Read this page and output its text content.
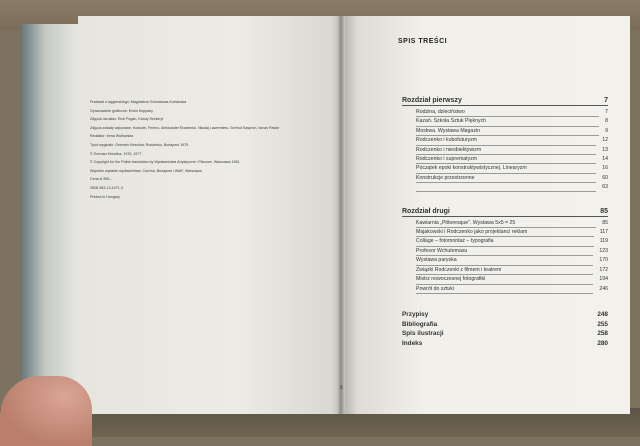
Przekład z węgierskiego: Magdalena Ochwatowa-Kurlakowa

Opracowanie graficzne: Erwin Koppány

Zdjęcia Jaroslav: Emil Pogan, Károly Szekeryi

Zdjęcia zostały wykonane: Kossuth, Ferenc, Aleksander Rodzenko, Nikolaj Lawrentiew, Gertrud Kaspron, Istvan Pastor

Redaktor: Irena Wolfowska

Tytuł oryginału: Germain Krisztina: Rodzenko, Budapest 1975

© German Krisztina, 1970, 1977

© Copyright for the Polish translation by Wydawnictwa Artystyczne i Filmowe, Warszawa 1981

Wspólne wydanie wydawnictwa: Corvina, Budapest i WAiF, Warszawa

Cena zł 390,-

ISBN 963-13-1071-3

Printed in Hungary

SPIS TREŚCI
Rozdział pierwszy	7
Rodzina, dzieciństwo	7
Kazań. Szkoła Sztuk Pięknych	8
Moskwa. Wystawa Magazin	9
Rodczenko i kubofuturyzm	12
Rodczenko i nieobiektywizm	13
Rodczenko i suprematyzm	14
Początek epoki konstruktywistycznej. Linearyzm	16
Konstrukcje przestrzenne	60
63
Rozdział drugi	85
Kawiarnia „Pittoresque”. Wystawa 5x5 = 25	85
Majakowski i Rodczenko jako projektanci reklam	117
Collage – fotomontaż – typografia	119
Profesor Wchutemasu	123
Wystawa paryska	170
Związki Rodczenki z filmem i teatrem	172
Mistrz nowoczesnej fotografiki	194
Powrót do sztuki	246
Przypisy	248
Bibliografia	255
Spis ilustracji	258
Indeks	280
5
